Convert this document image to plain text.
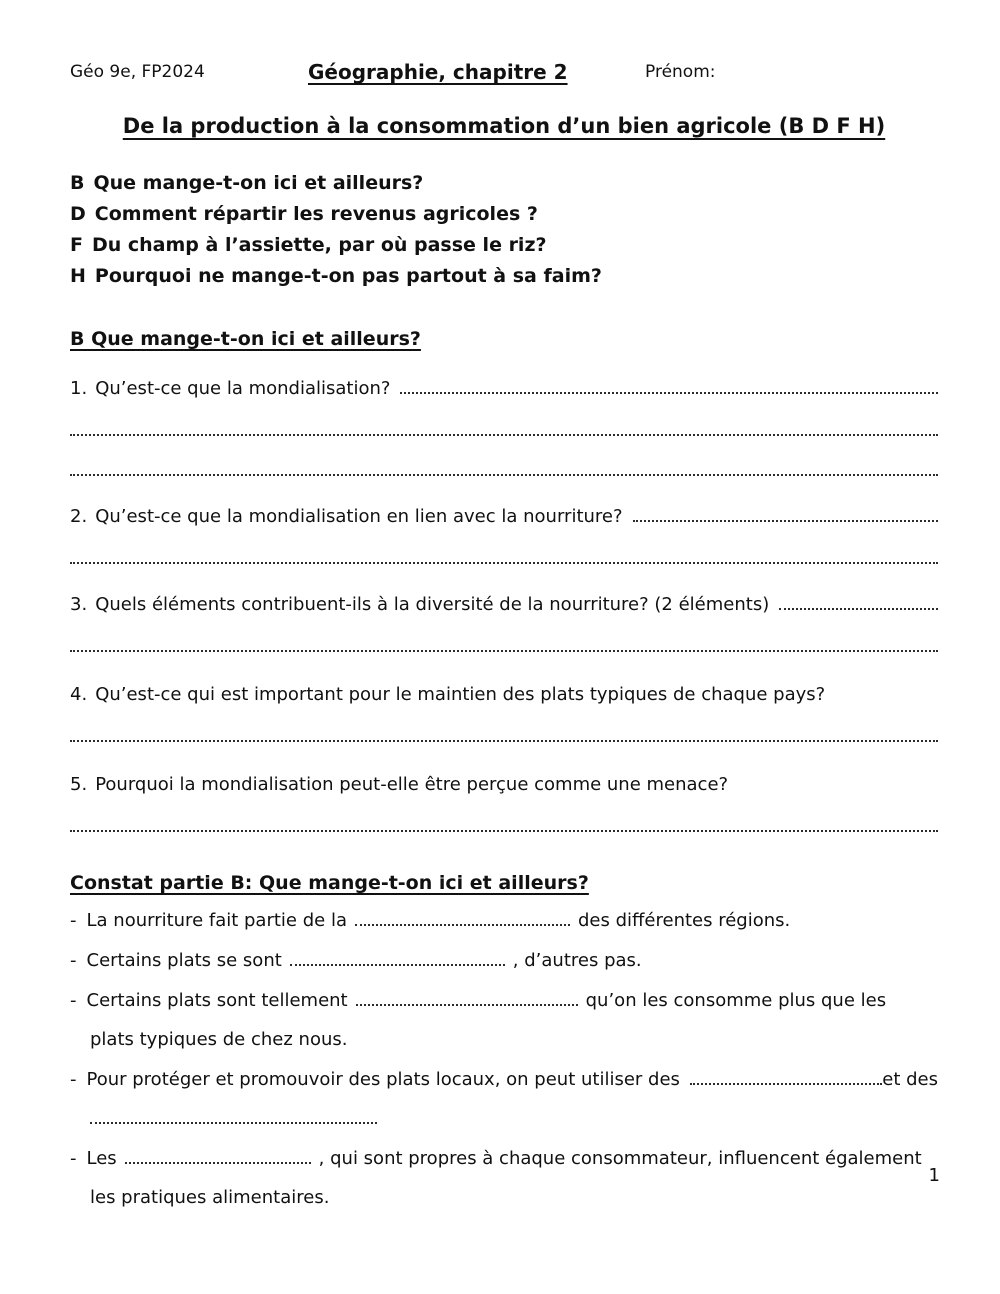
Géo 9e, FP2024	Géographie, chapitre 2	Prénom:
De la production à la consommation d’un bien agricole (B D F H)
B Que mange-t-on ici et ailleurs?
D Comment répartir les revenus agricoles ?
F Du champ à l’assiette, par où passe le riz?
H Pourquoi ne mange-t-on pas partout à sa faim?
B Que mange-t-on ici et ailleurs?
1. Qu’est-ce que la mondialisation?
2. Qu’est-ce que la mondialisation en lien avec la nourriture?
3. Quels éléments contribuent-ils à la diversité de la nourriture? (2 éléments)
4. Qu’est-ce qui est important pour le maintien des plats typiques de chaque pays?
5. Pourquoi la mondialisation peut-elle être perçue comme une menace?
Constat partie B: Que mange-t-on ici et ailleurs?
-
La nourriture fait partie de la	des différentes régions.
-
Certains plats se sont	, d’autres pas.
-
Certains plats sont tellement	qu’on les consomme plus que les
plats typiques de chez nous.
-
Pour protéger et promouvoir des plats locaux, on peut utiliser des	et des
-
Les	, qui sont propres à chaque consommateur, influencent également
les pratiques alimentaires.
1
